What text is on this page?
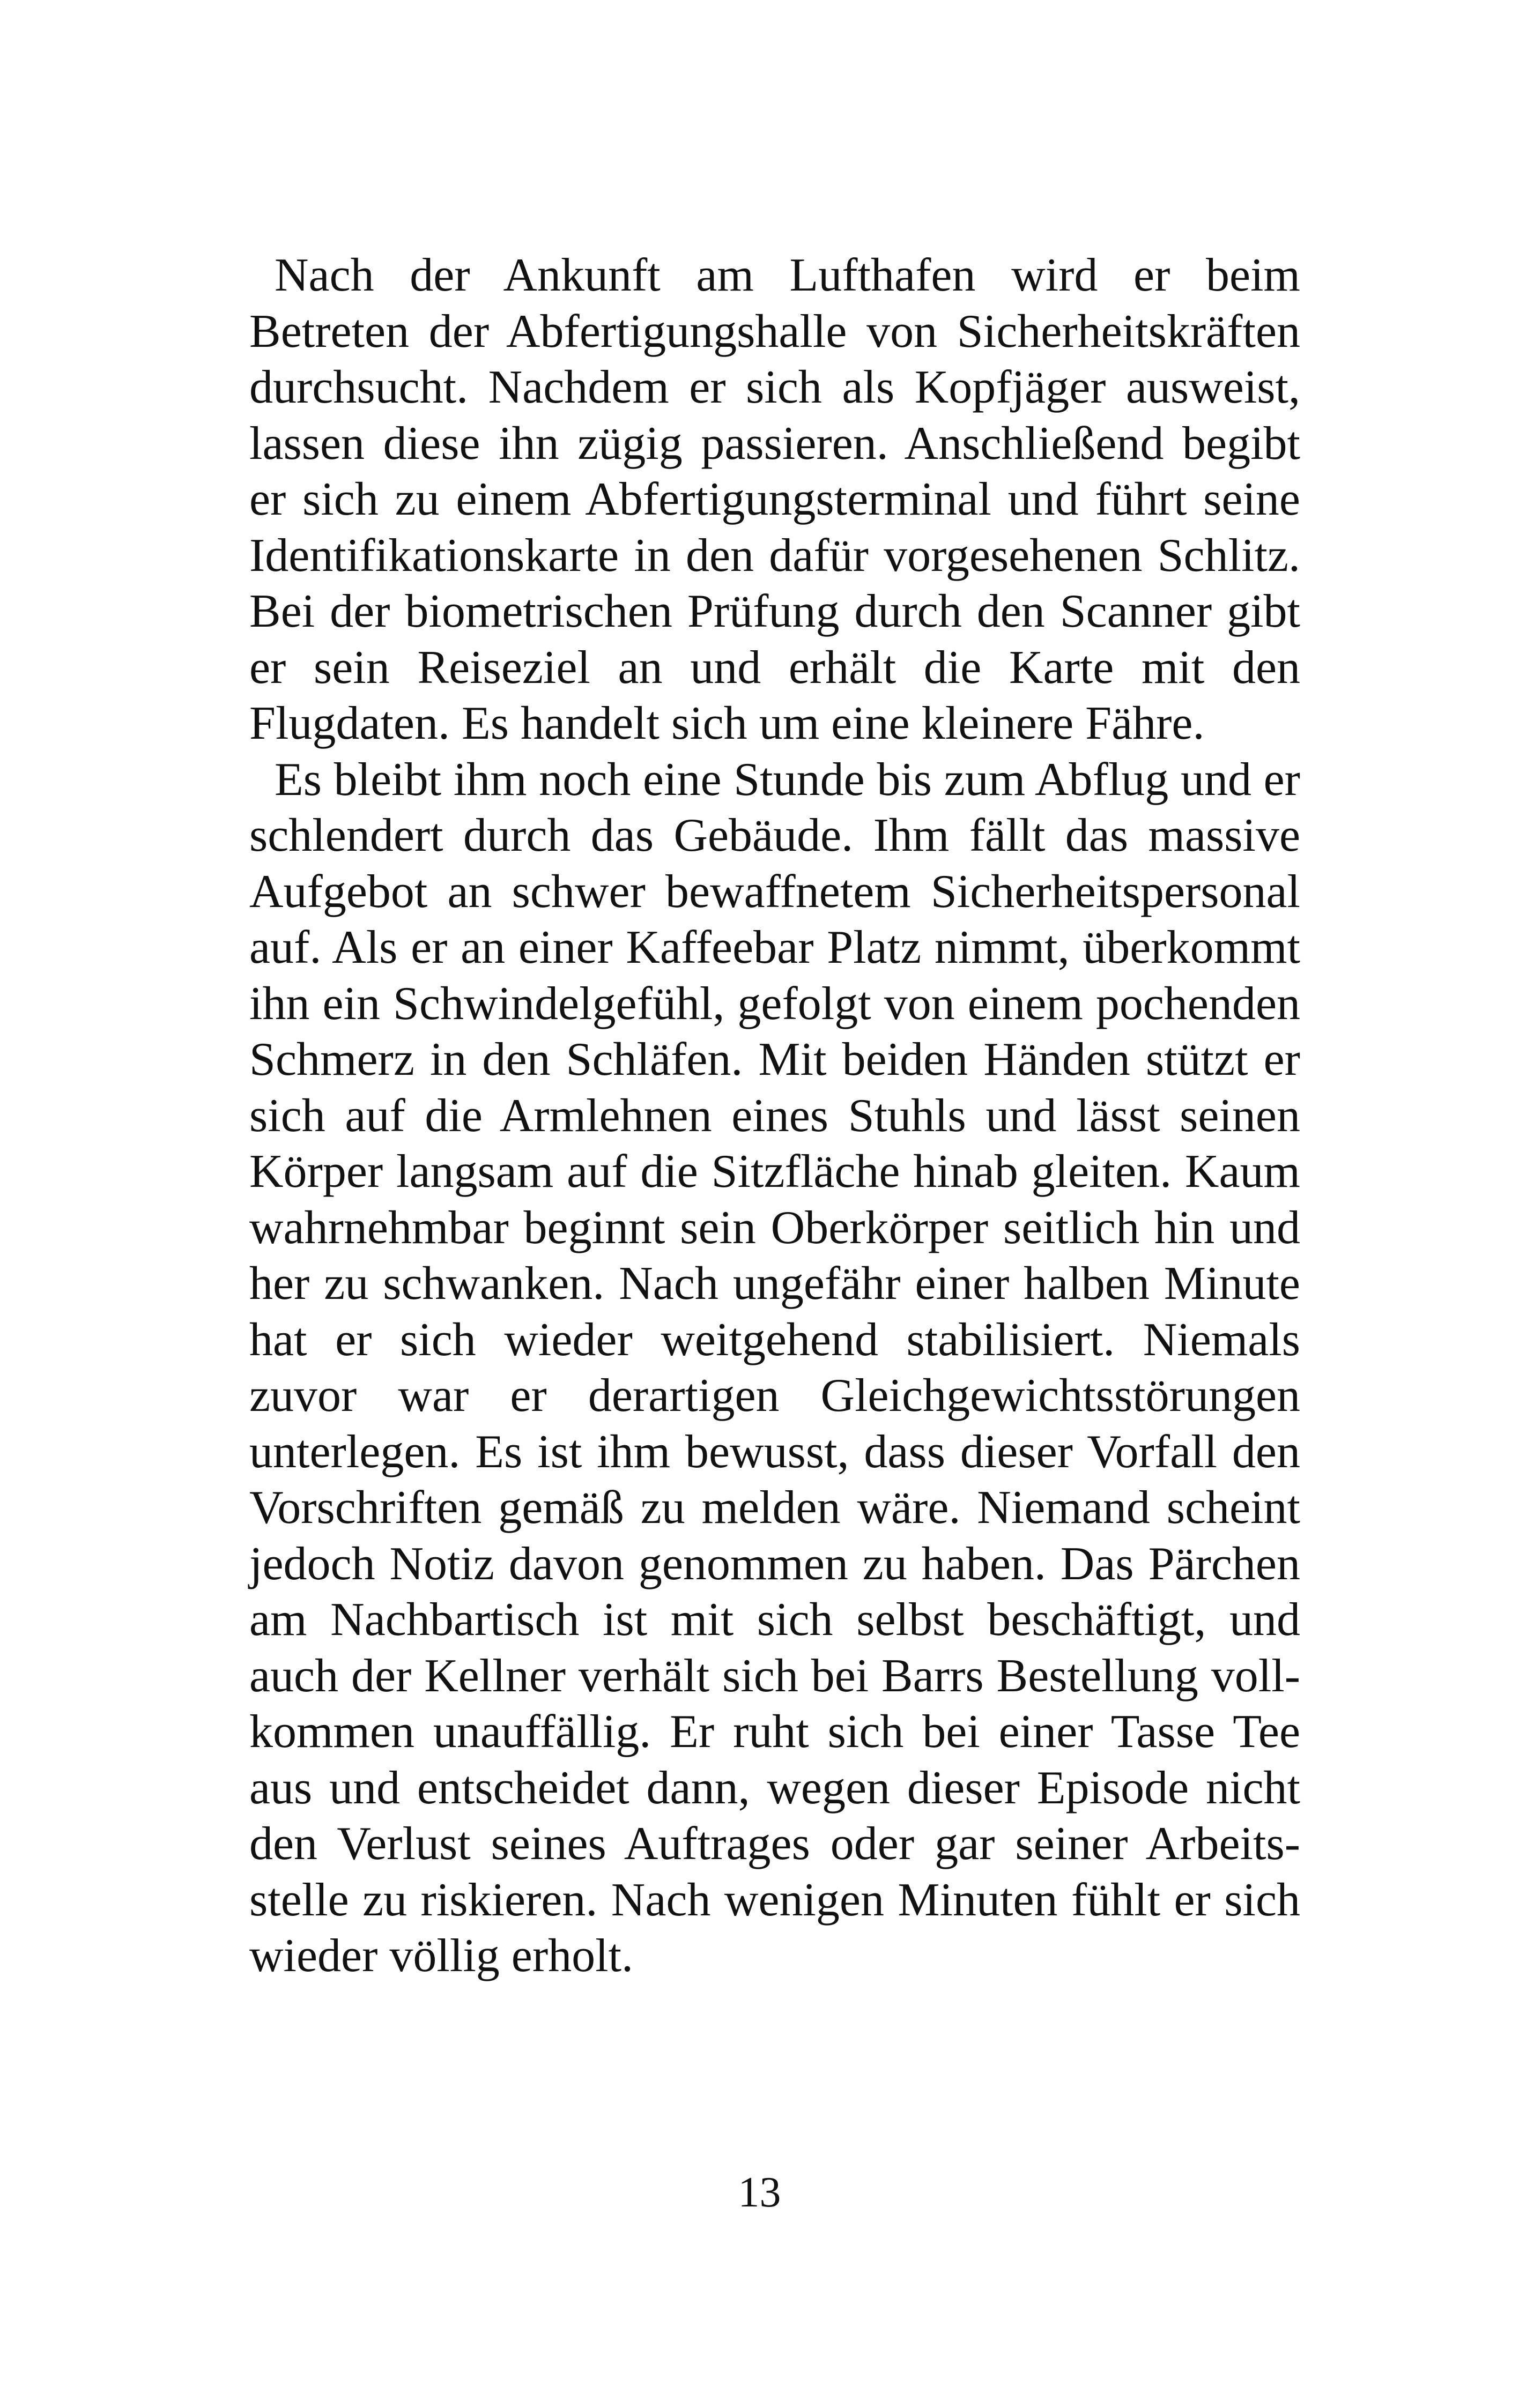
Nach der Ankunft am Lufthafen wird er beim Betreten der Abfertigungshalle von Sicherheitskräften durchsucht. Nachdem er sich als Kopfjäger ausweist, lassen diese ihn zügig passieren. Anschließend begibt er sich zu einem Abfertigungsterminal und führt seine Identifikationskarte in den dafür vorgesehenen Schlitz. Bei der biometrischen Prüfung durch den Scanner gibt er sein Reiseziel an und erhält die Karte mit den Flugdaten. Es handelt sich um eine kleinere Fähre.

Es bleibt ihm noch eine Stunde bis zum Abflug und er schlendert durch das Gebäude. Ihm fällt das massive Aufgebot an schwer bewaffnetem Sicherheitspersonal auf. Als er an einer Kaffeebar Platz nimmt, überkommt ihn ein Schwindelgefühl, gefolgt von einem pochenden Schmerz in den Schläfen. Mit beiden Händen stützt er sich auf die Armlehnen eines Stuhls und lässt seinen Körper langsam auf die Sitzfläche hinab gleiten. Kaum wahrnehmbar beginnt sein Oberkörper seitlich hin und her zu schwanken. Nach ungefähr einer halben Minute hat er sich wieder weitgehend stabilisiert. Niemals zuvor war er derartigen Gleichgewichtsstörungen unterlegen. Es ist ihm bewusst, dass dieser Vorfall den Vorschriften gemäß zu melden wäre. Niemand scheint jedoch Notiz davon genommen zu haben. Das Pärchen am Nachbartisch ist mit sich selbst beschäftigt, und auch der Kellner verhält sich bei Barrs Bestellung vollkommen unauffällig. Er ruht sich bei einer Tasse Tee aus und entscheidet dann, wegen dieser Episode nicht den Verlust seines Auftrages oder gar seiner Arbeitsstelle zu riskieren. Nach wenigen Minuten fühlt er sich wieder völlig erholt.

13
